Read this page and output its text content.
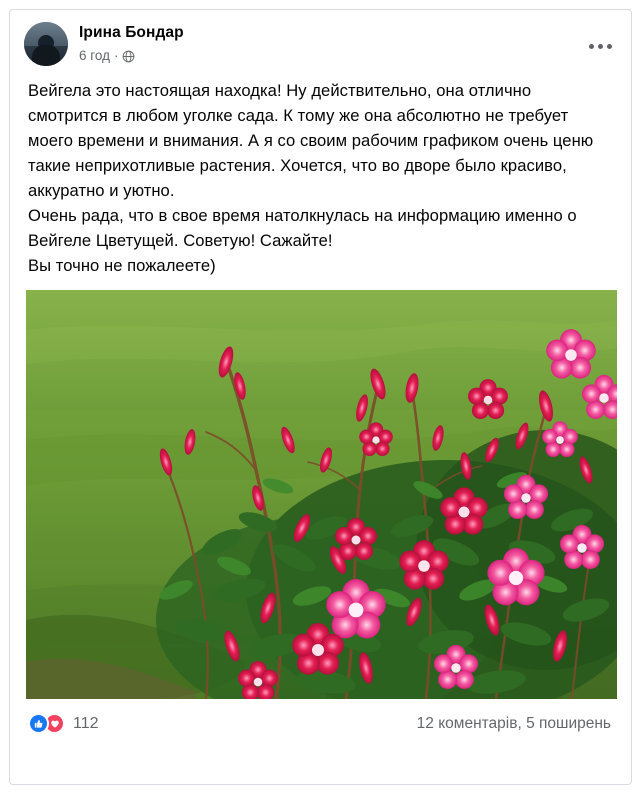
Ірина Бондар
6 год ·

Вейгела это настоящая находка! Ну действительно, она отлично смотрится в любом уголке сада. К тому же она абсолютно не требует моего времени и внимания. А я со своим рабочим графиком очень ценю такие неприхотливые растения. Хочется, что во дворе было красиво, аккуратно и уютно.

Очень рада, что в свое время натолкнулась на информацию именно о Вейгеле Цветущей. Советую! Сажайте!

Вы точно не пожалеете)

112	12 коментарів, 5 поширень
